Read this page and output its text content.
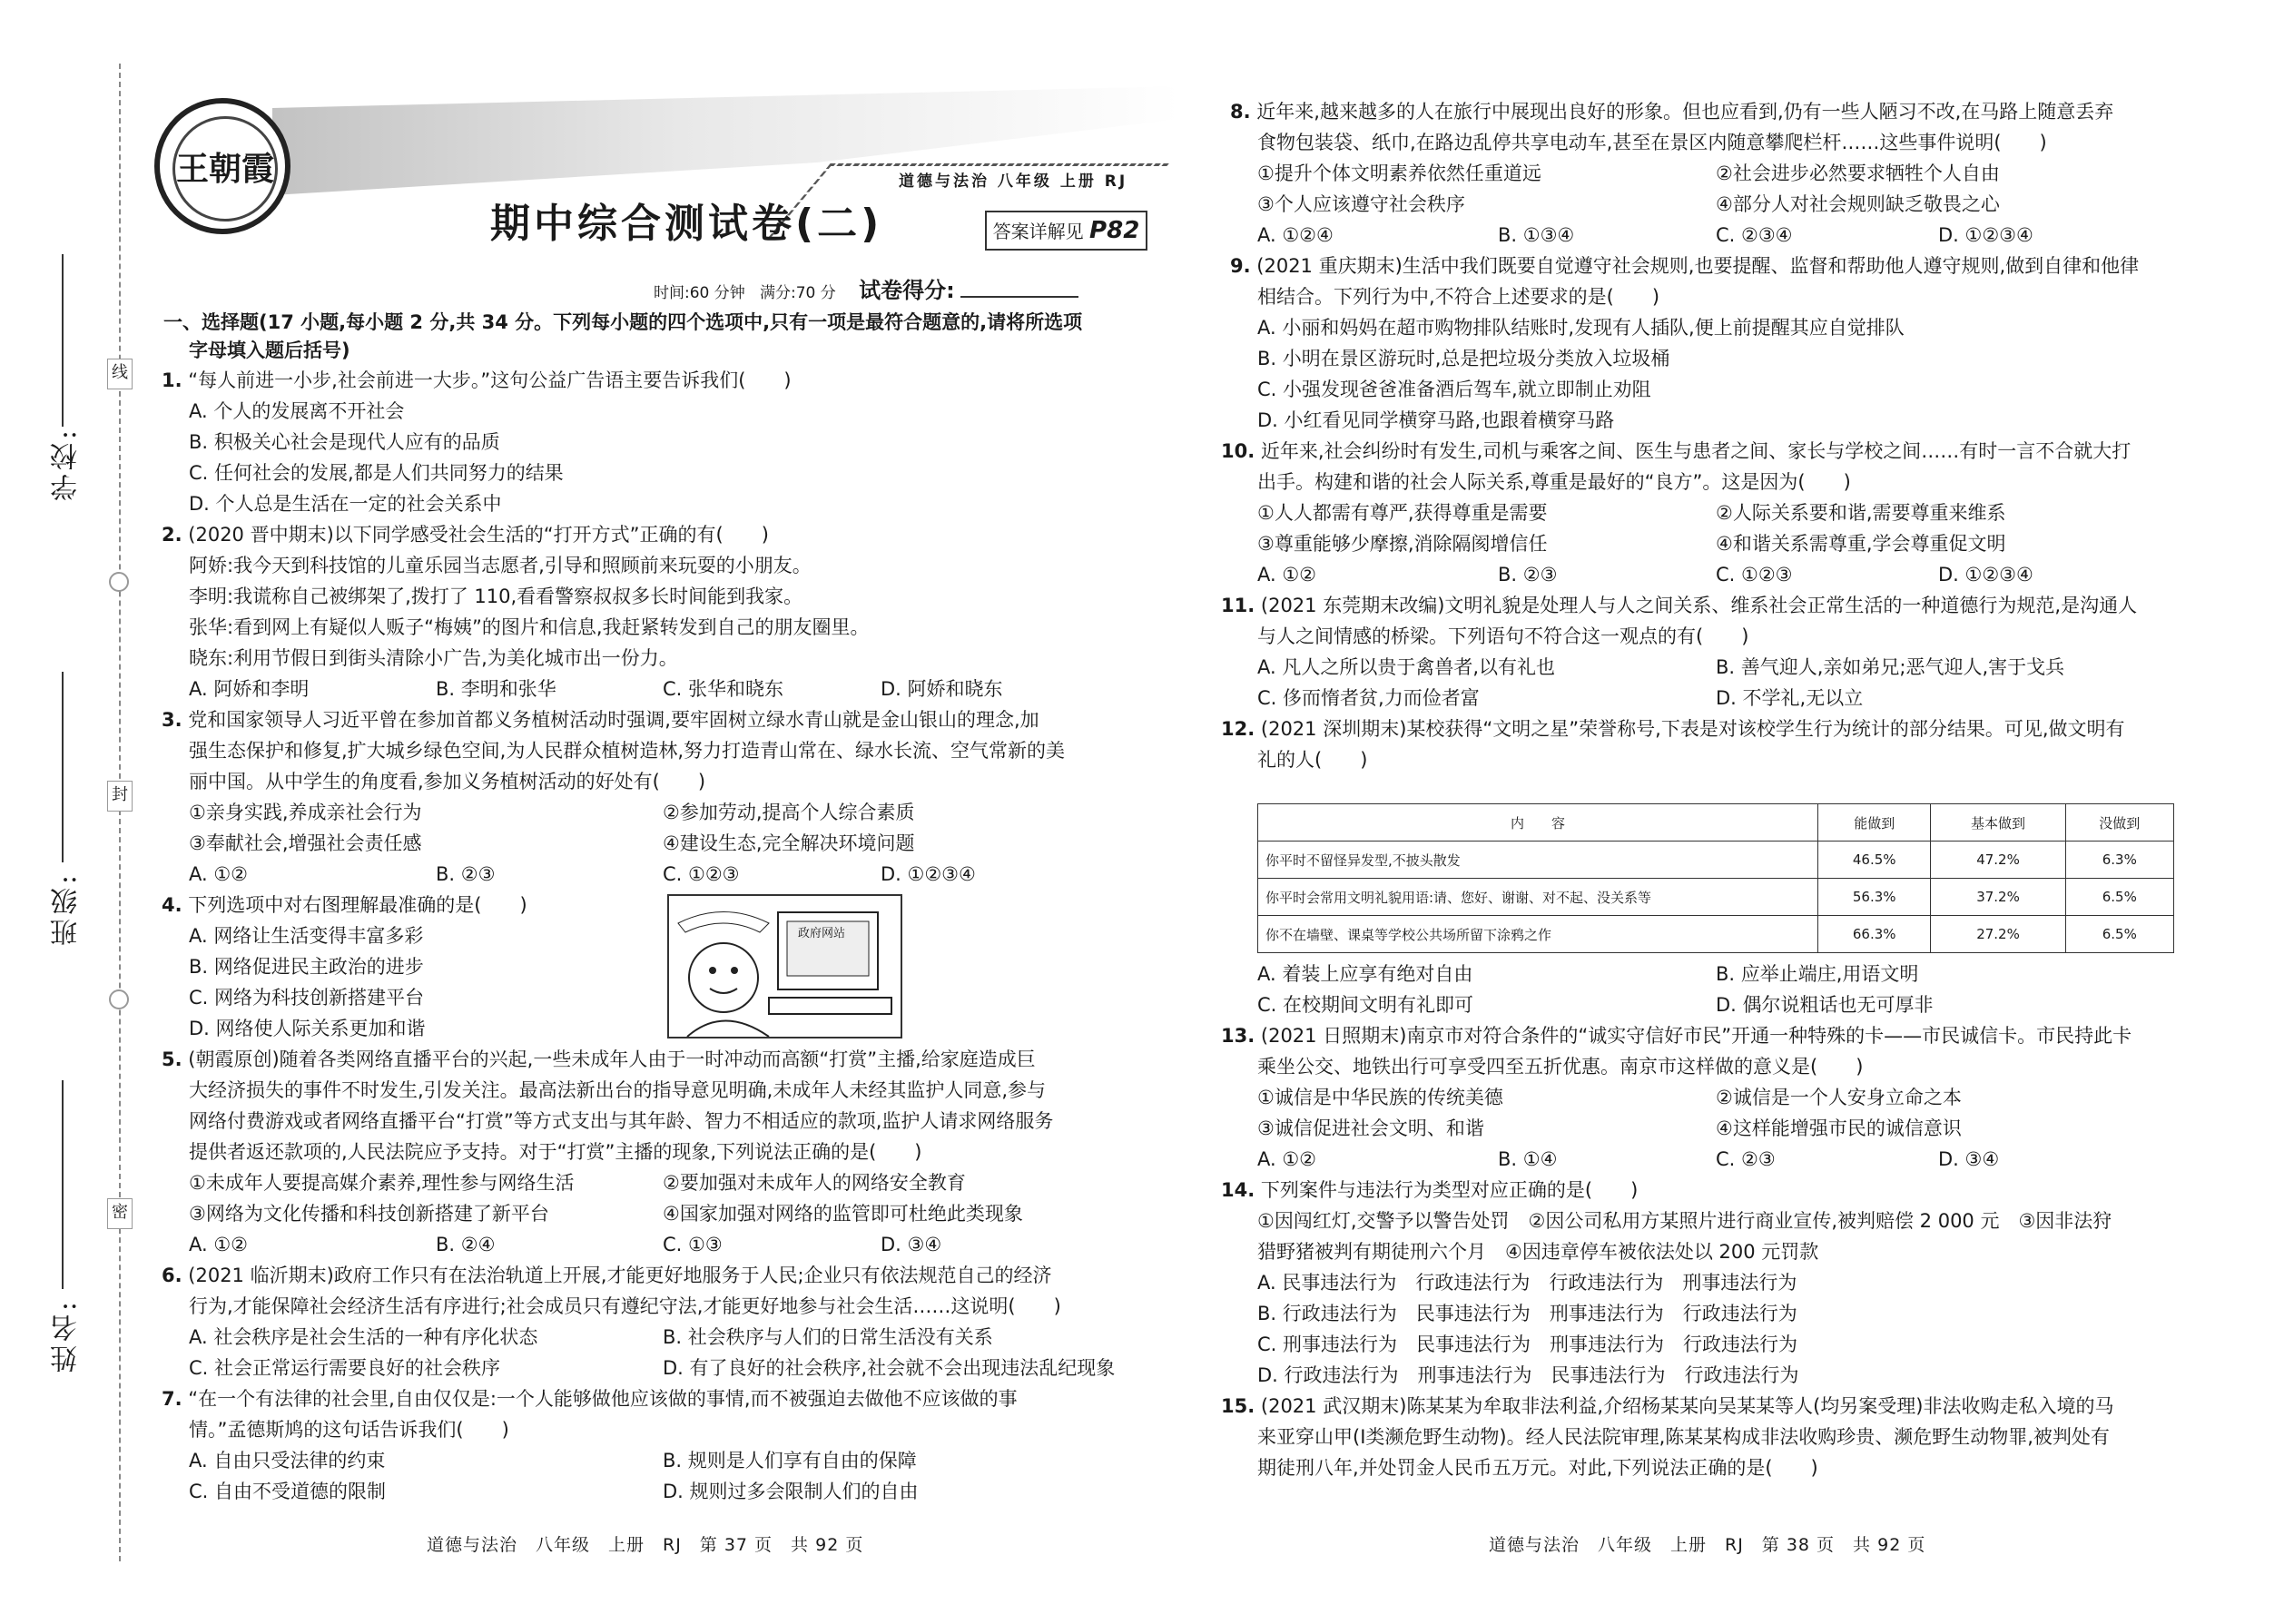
学校:
班级:
姓名:
线
封
密
王朝霞	道德与法治 八年级 上册 RJ
期中综合测试卷(二)	答案详解见 P82
时间:60 分钟 满分:70 分 试卷得分:
一、选择题(17 小题,每小题 2 分,共 34 分。下列每小题的四个选项中,只有一项是最符合题意的,请将所选项
字母填入题后括号)
1. “每人前进一小步,社会前进一大步。”这句公益广告语主要告诉我们(　　)
A. 个人的发展离不开社会
B. 积极关心社会是现代人应有的品质
C. 任何社会的发展,都是人们共同努力的结果
D. 个人总是生活在一定的社会关系中
2. (2020 晋中期末)以下同学感受社会生活的“打开方式”正确的有(　　)
阿娇:我今天到科技馆的儿童乐园当志愿者,引导和照顾前来玩耍的小朋友。
李明:我谎称自己被绑架了,拨打了 110,看看警察叔叔多长时间能到我家。
张华:看到网上有疑似人贩子“梅姨”的图片和信息,我赶紧转发到自己的朋友圈里。
晓东:利用节假日到街头清除小广告,为美化城市出一份力。
A. 阿娇和李明	B. 李明和张华	C. 张华和晓东	D. 阿娇和晓东
3. 党和国家领导人习近平曾在参加首都义务植树活动时强调,要牢固树立绿水青山就是金山银山的理念,加
强生态保护和修复,扩大城乡绿色空间,为人民群众植树造林,努力打造青山常在、绿水长流、空气常新的美
丽中国。从中学生的角度看,参加义务植树活动的好处有(　　)
①亲身实践,养成亲社会行为	②参加劳动,提高个人综合素质
③奉献社会,增强社会责任感	④建设生态,完全解决环境问题
A. ①②	B. ②③	C. ①②③	D. ①②③④
4. 下列选项中对右图理解最准确的是(　　)
A. 网络让生活变得丰富多彩
B. 网络促进民主政治的进步
C. 网络为科技创新搭建平台
D. 网络使人际关系更加和谐
政府网站
5. (朝霞原创)随着各类网络直播平台的兴起,一些未成年人由于一时冲动而高额“打赏”主播,给家庭造成巨
大经济损失的事件不时发生,引发关注。最高法新出台的指导意见明确,未成年人未经其监护人同意,参与
网络付费游戏或者网络直播平台“打赏”等方式支出与其年龄、智力不相适应的款项,监护人请求网络服务
提供者返还款项的,人民法院应予支持。对于“打赏”主播的现象,下列说法正确的是(　　)
①未成年人要提高媒介素养,理性参与网络生活	②要加强对未成年人的网络安全教育
③网络为文化传播和科技创新搭建了新平台	④国家加强对网络的监管即可杜绝此类现象
A. ①②	B. ②④	C. ①③	D. ③④
6. (2021 临沂期末)政府工作只有在法治轨道上开展,才能更好地服务于人民;企业只有依法规范自己的经济
行为,才能保障社会经济生活有序进行;社会成员只有遵纪守法,才能更好地参与社会生活……这说明(　　)
A. 社会秩序是社会生活的一种有序化状态	B. 社会秩序与人们的日常生活没有关系
C. 社会正常运行需要良好的社会秩序	D. 有了良好的社会秩序,社会就不会出现违法乱纪现象
7. “在一个有法律的社会里,自由仅仅是:一个人能够做他应该做的事情,而不被强迫去做他不应该做的事
情。”孟德斯鸠的这句话告诉我们(　　)
A. 自由只受法律的约束	B. 规则是人们享有自由的保障
C. 自由不受道德的限制	D. 规则过多会限制人们的自由
道德与法治　八年级　上册　RJ　第 37 页　共 92 页
8. 近年来,越来越多的人在旅行中展现出良好的形象。但也应看到,仍有一些人陋习不改,在马路上随意丢弃
食物包装袋、纸巾,在路边乱停共享电动车,甚至在景区内随意攀爬栏杆……这些事件说明(　　)
①提升个体文明素养依然任重道远	②社会进步必然要求牺牲个人自由
③个人应该遵守社会秩序	④部分人对社会规则缺乏敬畏之心
A. ①②④	B. ①③④	C. ②③④	D. ①②③④
9. (2021 重庆期末)生活中我们既要自觉遵守社会规则,也要提醒、监督和帮助他人遵守规则,做到自律和他律
相结合。下列行为中,不符合上述要求的是(　　)
A. 小丽和妈妈在超市购物排队结账时,发现有人插队,便上前提醒其应自觉排队
B. 小明在景区游玩时,总是把垃圾分类放入垃圾桶
C. 小强发现爸爸准备酒后驾车,就立即制止劝阻
D. 小红看见同学横穿马路,也跟着横穿马路
10. 近年来,社会纠纷时有发生,司机与乘客之间、医生与患者之间、家长与学校之间……有时一言不合就大打
出手。构建和谐的社会人际关系,尊重是最好的“良方”。这是因为(　　)
①人人都需有尊严,获得尊重是需要	②人际关系要和谐,需要尊重来维系
③尊重能够少摩擦,消除隔阂增信任	④和谐关系需尊重,学会尊重促文明
A. ①②	B. ②③	C. ①②③	D. ①②③④
11. (2021 东莞期末改编)文明礼貌是处理人与人之间关系、维系社会正常生活的一种道德行为规范,是沟通人
与人之间情感的桥梁。下列语句不符合这一观点的有(　　)
A. 凡人之所以贵于禽兽者,以有礼也	B. 善气迎人,亲如弟兄;恶气迎人,害于戈兵
C. 侈而惰者贫,力而俭者富	D. 不学礼,无以立
12. (2021 深圳期末)某校获得“文明之星”荣誉称号,下表是对该校学生行为统计的部分结果。可见,做文明有
礼的人(　　)
内　　容	能做到	基本做到	没做到
你平时不留怪异发型,不披头散发	46.5%	47.2%	6.3%
你平时会常用文明礼貌用语:请、您好、谢谢、对不起、没关系等	56.3%	37.2%	6.5%
你不在墙壁、课桌等学校公共场所留下涂鸦之作	66.3%	27.2%	6.5%
A. 着装上应享有绝对自由	B. 应举止端庄,用语文明
C. 在校期间文明有礼即可	D. 偶尔说粗话也无可厚非
13. (2021 日照期末)南京市对符合条件的“诚实守信好市民”开通一种特殊的卡——市民诚信卡。市民持此卡
乘坐公交、地铁出行可享受四至五折优惠。南京市这样做的意义是(　　)
①诚信是中华民族的传统美德	②诚信是一个人安身立命之本
③诚信促进社会文明、和谐	④这样能增强市民的诚信意识
A. ①②	B. ①④	C. ②③	D. ③④
14. 下列案件与违法行为类型对应正确的是(　　)
①因闯红灯,交警予以警告处罚　②因公司私用方某照片进行商业宣传,被判赔偿 2 000 元　③因非法狩
猎野猪被判有期徒刑六个月　④因违章停车被依法处以 200 元罚款
A. 民事违法行为　行政违法行为　行政违法行为　刑事违法行为
B. 行政违法行为　民事违法行为　刑事违法行为　行政违法行为
C. 刑事违法行为　民事违法行为　刑事违法行为　行政违法行为
D. 行政违法行为　刑事违法行为　民事违法行为　行政违法行为
15. (2021 武汉期末)陈某某为牟取非法利益,介绍杨某某向吴某某等人(均另案受理)非法收购走私入境的马
来亚穿山甲(Ⅰ类濒危野生动物)。经人民法院审理,陈某某构成非法收购珍贵、濒危野生动物罪,被判处有
期徒刑八年,并处罚金人民币五万元。对此,下列说法正确的是(　　)
道德与法治　八年级　上册　RJ　第 38 页　共 92 页
